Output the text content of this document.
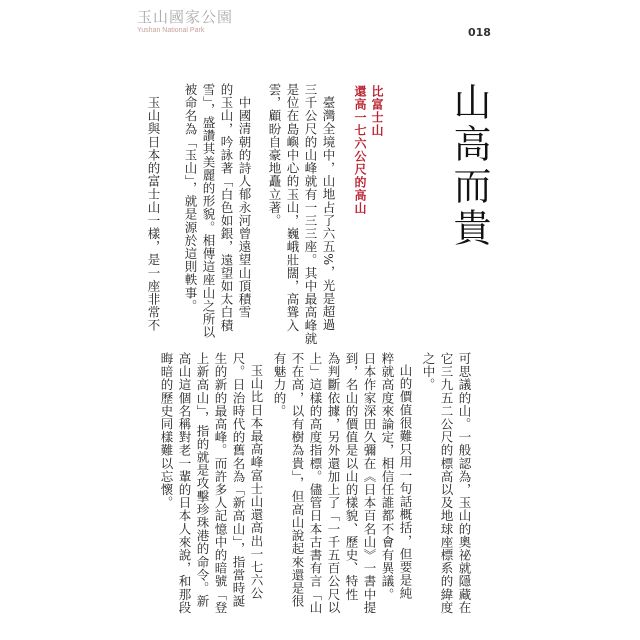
玉山國家公園
Yushan National Park	018

山高而貴

比富士山

還高一七六公尺的高山

臺灣全境中，山地占了六五%，光是超過

三千公尺的山峰就有一三三座。其中最高峰就

是位在島嶼中心的玉山，巍峨壯闊，高聳入

雲，顧盼自豪地矗立著。

中國清朝的詩人郁永河曾遠望山頂積雪

的玉山，吟詠著「白色如銀，遠望如太白積

雪」，盛讚其美麗的形貌。相傳這座山之所以

被命名為「玉山」，就是源於這則軼事。

玉山與日本的富士山一樣，是一座非常不

可思議的山。一般認為，玉山的奧祕就隱藏在

它三九五二公尺的標高以及地球座標系的緯度

之中。

山的價值很難只用一句話概括，但要是純

粹就高度來論定，相信任誰都不會有異議。

日本作家深田久彌在《日本百名山》一書中提

到，名山的價值是以山的樣貌、歷史、特性

為判斷依據，另外還加上了「一千五百公尺以

上」這樣的高度指標。儘管日本古書有言「山

不在高，以有樹為貴」，但高山說起來還是很

有魅力的。

玉山比日本最高峰富士山還高出一七六公

尺。日治時代的舊名為「新高山」，指當時誕

生的新的最高峰。而許多人記憶中的暗號「登

上新高山」，指的就是攻擊珍珠港的命令。新

高山這個名稱對老一輩的日本人來說，和那段

晦暗的歷史同樣難以忘懷。
